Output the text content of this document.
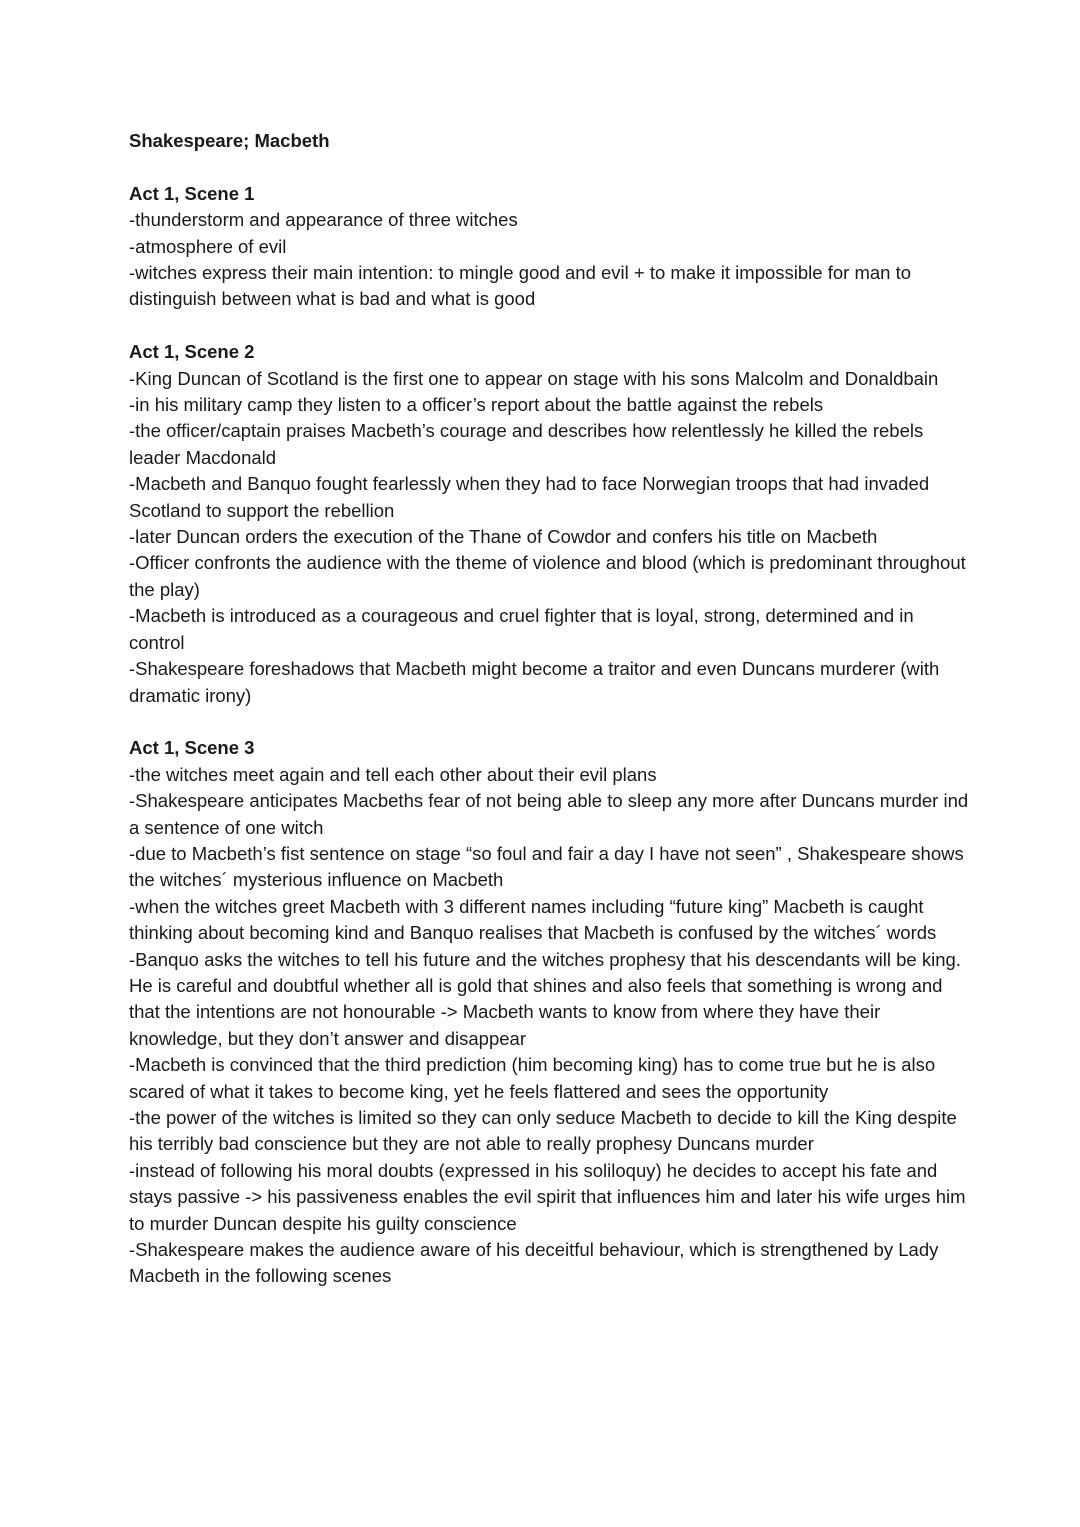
Shakespeare; Macbeth

Act 1, Scene 1

-thunderstorm and appearance of three witches

-atmosphere of evil

-witches express their main intention: to mingle good and evil + to make it impossible for man to distinguish between what is bad and what is good

Act 1, Scene 2

-King Duncan of Scotland is the first one to appear on stage with his sons Malcolm and Donaldbain

-in his military camp they listen to a officer’s report about the battle against the rebels

-the officer/captain praises Macbeth’s courage and describes how relentlessly he killed the rebels leader Macdonald

-Macbeth and Banquo fought fearlessly when they had to face Norwegian troops that had invaded Scotland to support the rebellion

-later Duncan orders the execution of the Thane of Cowdor and confers his title on Macbeth

-Officer confronts the audience with the theme of violence and blood (which is predominant throughout the play)

-Macbeth is introduced as a courageous and cruel fighter that is loyal, strong, determined and in control

-Shakespeare foreshadows that Macbeth might become a traitor and even Duncans murderer (with dramatic irony)

Act 1, Scene 3

-the witches meet again and tell each other about their evil plans

-Shakespeare anticipates Macbeths fear of not being able to sleep any more after Duncans murder ind a sentence of one witch

-due to Macbeth’s fist sentence on stage “so foul and fair a day I have not seen” , Shakespeare shows the witches´ mysterious influence on Macbeth

-when the witches greet Macbeth with 3 different names including “future king” Macbeth is caught thinking about becoming kind and Banquo realises that Macbeth is confused by the witches´ words

-Banquo asks the witches to tell his future and the witches prophesy that his descendants will be king. He is careful and doubtful whether all is gold that shines and also feels that something is wrong and that the intentions are not honourable -> Macbeth wants to know from where they have their knowledge, but they don’t answer and disappear

-Macbeth is convinced that the third prediction (him becoming king) has to come true but he is also scared of what it takes to become king, yet he feels flattered and sees the opportunity

-the power of the witches is limited so they can only seduce Macbeth to decide to kill the King despite his terribly bad conscience but they are not able to really prophesy Duncans murder

-instead of following his moral doubts (expressed in his soliloquy) he decides to accept his fate and stays passive -> his passiveness enables the evil spirit that influences him and later his wife urges him to murder Duncan despite his guilty conscience

-Shakespeare makes the audience aware of his deceitful behaviour, which is strengthened by Lady Macbeth in the following scenes
